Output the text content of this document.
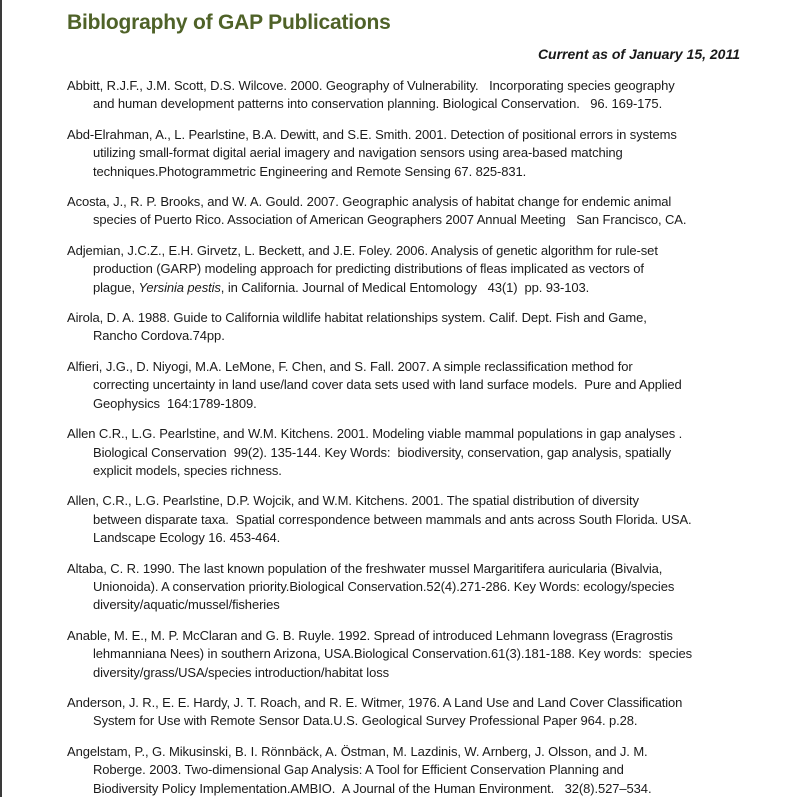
Biblography of GAP Publications
Current as of January 15, 2011
Abbitt, R.J.F., J.M. Scott, D.S. Wilcove. 2000. Geography of Vulnerability.   Incorporating species geography
and human development patterns into conservation planning. Biological Conservation.   96. 169-175.
Abd-Elrahman, A., L. Pearlstine, B.A. Dewitt, and S.E. Smith. 2001. Detection of positional errors in systems
utilizing small-format digital aerial imagery and navigation sensors using area-based matching
techniques.Photogrammetric Engineering and Remote Sensing 67. 825-831.
Acosta, J., R. P. Brooks, and W. A. Gould. 2007. Geographic analysis of habitat change for endemic animal
species of Puerto Rico. Association of American Geographers 2007 Annual Meeting   San Francisco, CA.
Adjemian, J.C.Z., E.H. Girvetz, L. Beckett, and J.E. Foley. 2006. Analysis of genetic algorithm for rule-set
production (GARP) modeling approach for predicting distributions of fleas implicated as vectors of
plague, Yersinia pestis, in California. Journal of Medical Entomology   43(1)  pp. 93-103.
Airola, D. A. 1988. Guide to California wildlife habitat relationships system. Calif. Dept. Fish and Game,
Rancho Cordova.74pp.
Alfieri, J.G., D. Niyogi, M.A. LeMone, F. Chen, and S. Fall. 2007. A simple reclassification method for
correcting uncertainty in land use/land cover data sets used with land surface models.  Pure and Applied
Geophysics  164:1789-1809.
Allen C.R., L.G. Pearlstine, and W.M. Kitchens. 2001. Modeling viable mammal populations in gap analyses .
Biological Conservation  99(2). 135-144. Key Words:  biodiversity, conservation, gap analysis, spatially
explicit models, species richness.
Allen, C.R., L.G. Pearlstine, D.P. Wojcik, and W.M. Kitchens. 2001. The spatial distribution of diversity
between disparate taxa.  Spatial correspondence between mammals and ants across South Florida. USA.
Landscape Ecology 16. 453-464.
Altaba, C. R. 1990. The last known population of the freshwater mussel Margaritifera auricularia (Bivalvia,
Unionoida). A conservation priority.Biological Conservation.52(4).271-286. Key Words: ecology/species
diversity/aquatic/mussel/fisheries
Anable, M. E., M. P. McClaran and G. B. Ruyle. 1992. Spread of introduced Lehmann lovegrass (Eragrostis
lehmanniana Nees) in southern Arizona, USA.Biological Conservation.61(3).181-188. Key words:  species
diversity/grass/USA/species introduction/habitat loss
Anderson, J. R., E. E. Hardy, J. T. Roach, and R. E. Witmer, 1976. A Land Use and Land Cover Classification
System for Use with Remote Sensor Data.U.S. Geological Survey Professional Paper 964. p.28.
Angelstam, P., G. Mikusinski, B. I. Rönnbäck, A. Östman, M. Lazdinis, W. Arnberg, J. Olsson, and J. M.
Roberge. 2003. Two-dimensional Gap Analysis: A Tool for Efficient Conservation Planning and
Biodiversity Policy Implementation.AMBIO.  A Journal of the Human Environment.   32(8).527–534.
